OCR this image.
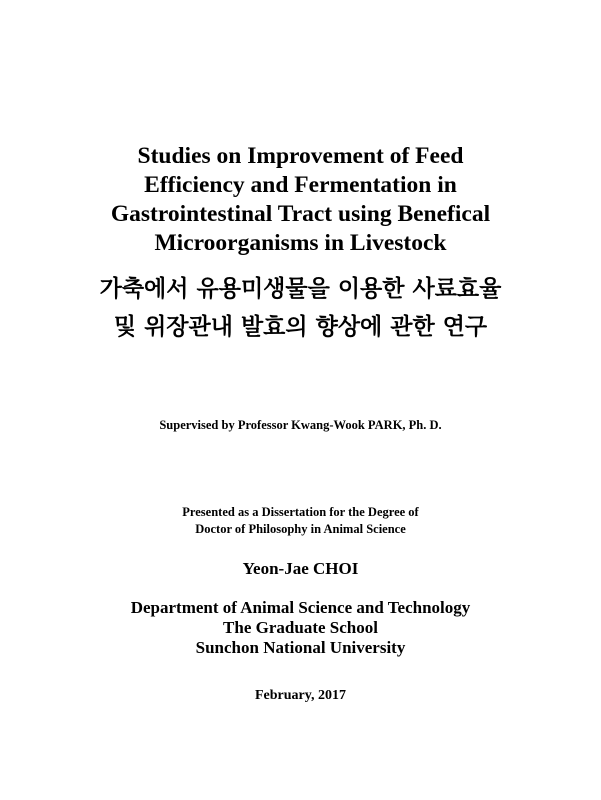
Studies on Improvement of Feed
Efficiency and Fermentation in
Gastrointestinal Tract using Benefical
Microorganisms in Livestock
가축에서 유용미생물을 이용한 사료효율
및 위장관내 발효의 향상에 관한 연구
Supervised by Professor Kwang-Wook PARK, Ph. D.
Presented as a Dissertation for the Degree of
Doctor of Philosophy in Animal Science
Yeon-Jae CHOI
Department of Animal Science and Technology
The Graduate School
Sunchon National University
February, 2017
